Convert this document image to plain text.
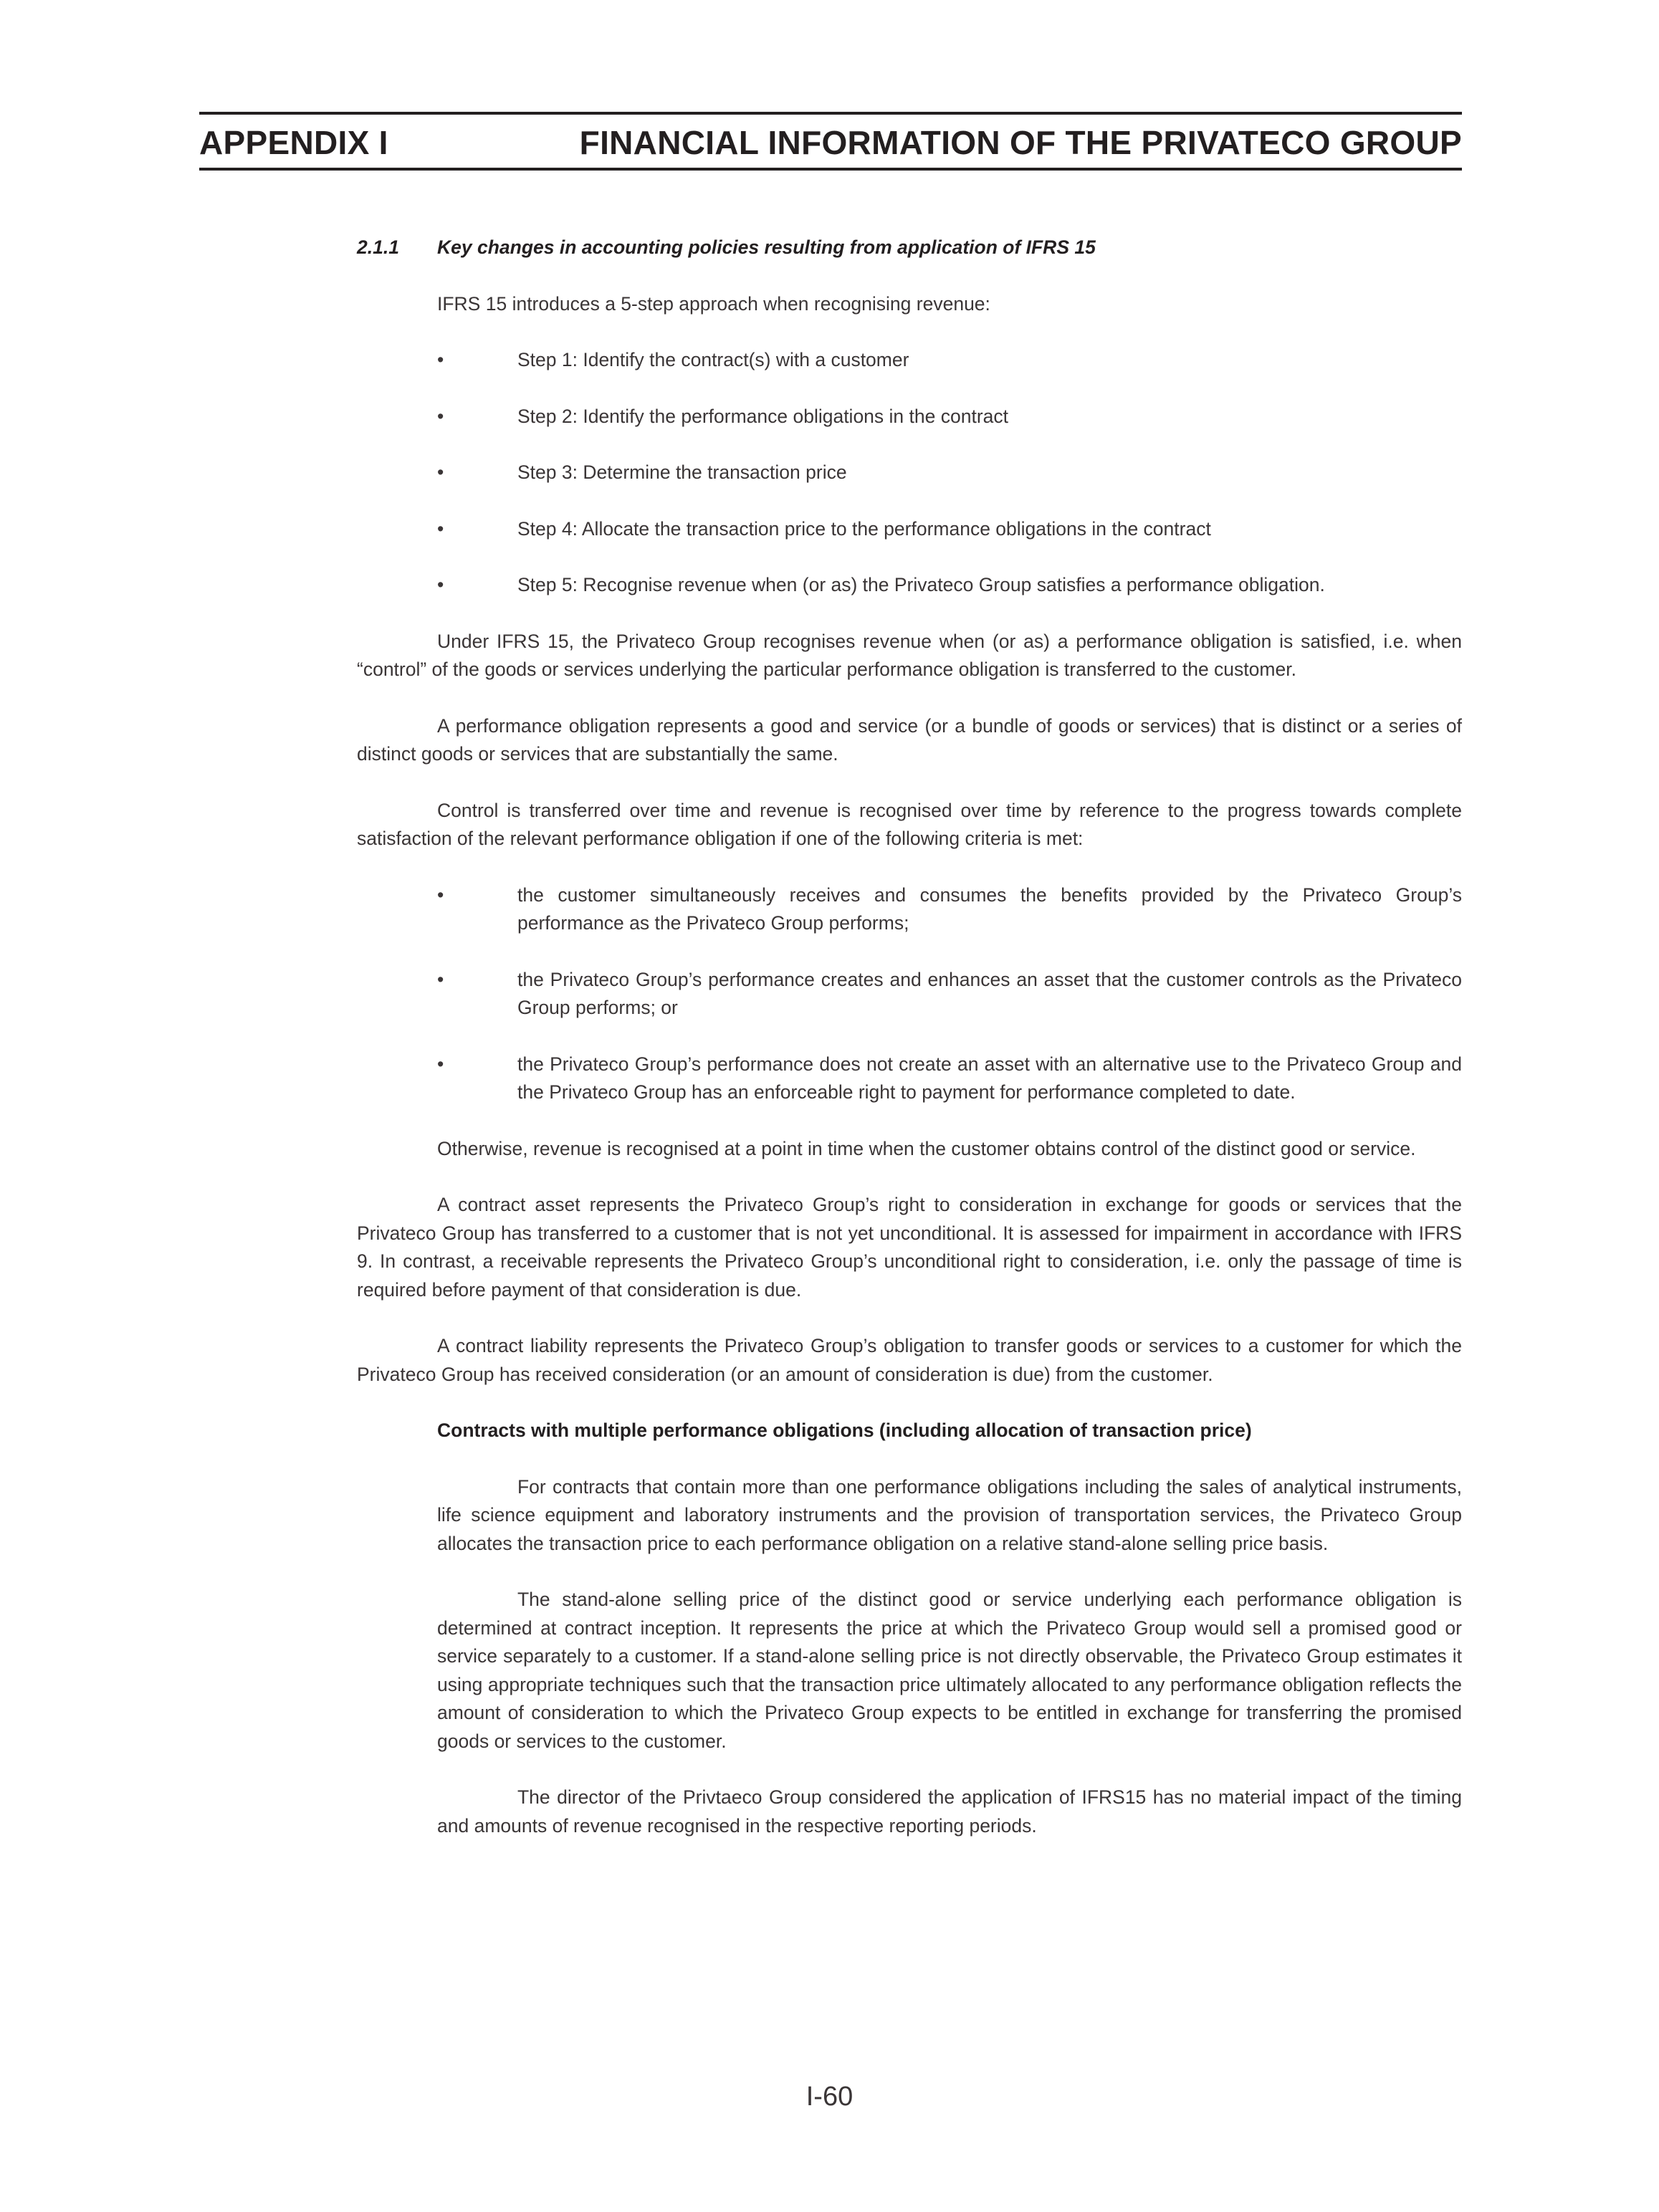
APPENDIX I	FINANCIAL INFORMATION OF THE PRIVATECO GROUP

2.1.1 Key changes in accounting policies resulting from application of IFRS 15

IFRS 15 introduces a 5-step approach when recognising revenue:

•	Step 1: Identify the contract(s) with a customer
•	Step 2: Identify the performance obligations in the contract
•	Step 3: Determine the transaction price
•	Step 4: Allocate the transaction price to the performance obligations in the contract
•	Step 5: Recognise revenue when (or as) the Privateco Group satisfies a performance obligation.

Under IFRS 15, the Privateco Group recognises revenue when (or as) a performance obligation is satisfied, i.e. when “control” of the goods or services underlying the particular performance obligation is transferred to the customer.

A performance obligation represents a good and service (or a bundle of goods or services) that is distinct or a series of distinct goods or services that are substantially the same.

Control is transferred over time and revenue is recognised over time by reference to the progress towards complete satisfaction of the relevant performance obligation if one of the following criteria is met:

•	the customer simultaneously receives and consumes the benefits provided by the Privateco Group’s performance as the Privateco Group performs;
•	the Privateco Group’s performance creates and enhances an asset that the customer controls as the Privateco Group performs; or
•	the Privateco Group’s performance does not create an asset with an alternative use to the Privateco Group and the Privateco Group has an enforceable right to payment for performance completed to date.

Otherwise, revenue is recognised at a point in time when the customer obtains control of the distinct good or service.

A contract asset represents the Privateco Group’s right to consideration in exchange for goods or services that the Privateco Group has transferred to a customer that is not yet unconditional. It is assessed for impairment in accordance with IFRS 9. In contrast, a receivable represents the Privateco Group’s unconditional right to consideration, i.e. only the passage of time is required before payment of that consideration is due.

A contract liability represents the Privateco Group’s obligation to transfer goods or services to a customer for which the Privateco Group has received consideration (or an amount of consideration is due) from the customer.

Contracts with multiple performance obligations (including allocation of transaction price)

For contracts that contain more than one performance obligations including the sales of analytical instruments, life science equipment and laboratory instruments and the provision of transportation services, the Privateco Group allocates the transaction price to each performance obligation on a relative stand-alone selling price basis.

The stand-alone selling price of the distinct good or service underlying each performance obligation is determined at contract inception. It represents the price at which the Privateco Group would sell a promised good or service separately to a customer. If a stand-alone selling price is not directly observable, the Privateco Group estimates it using appropriate techniques such that the transaction price ultimately allocated to any performance obligation reflects the amount of consideration to which the Privateco Group expects to be entitled in exchange for transferring the promised goods or services to the customer.

The director of the Privtaeco Group considered the application of IFRS15 has no material impact of the timing and amounts of revenue recognised in the respective reporting periods.

I-60
